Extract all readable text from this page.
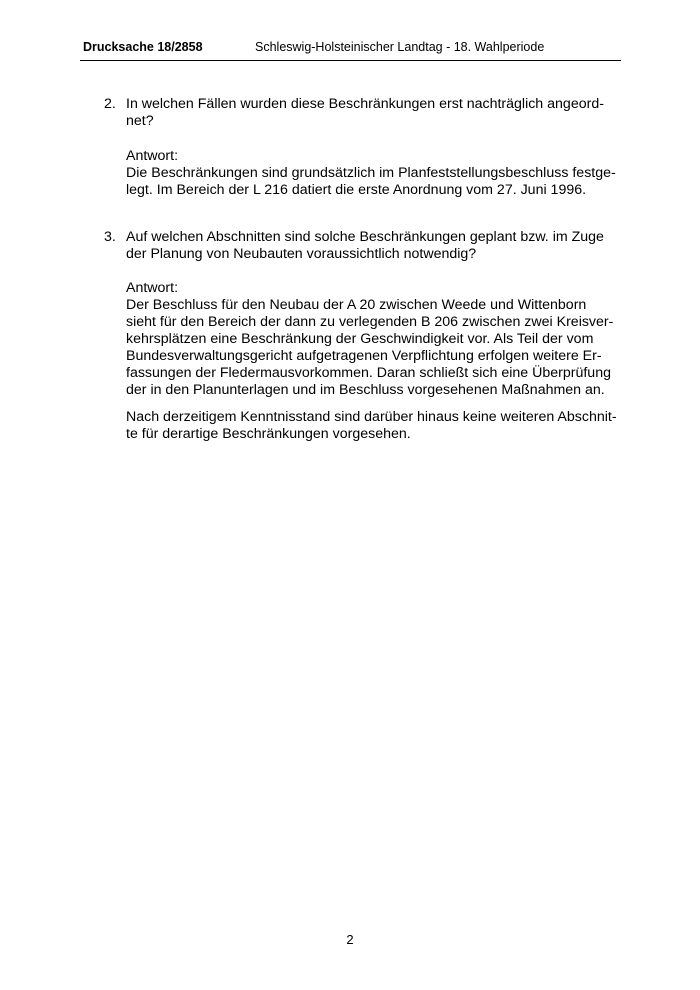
Drucksache 18/2858	Schleswig-Holsteinischer Landtag - 18. Wahlperiode
2. In welchen Fällen wurden diese Beschränkungen erst nachträglich angeord-
net?
Antwort:
Die Beschränkungen sind grundsätzlich im Planfeststellungsbeschluss festge-
legt. Im Bereich der L 216 datiert die erste Anordnung vom 27. Juni 1996.
3. Auf welchen Abschnitten sind solche Beschränkungen geplant bzw. im Zuge
der Planung von Neubauten voraussichtlich notwendig?
Antwort:
Der Beschluss für den Neubau der A 20 zwischen Weede und Wittenborn
sieht für den Bereich der dann zu verlegenden B 206 zwischen zwei Kreisver-
kehrsplätzen eine Beschränkung der Geschwindigkeit vor. Als Teil der vom
Bundesverwaltungsgericht aufgetragenen Verpflichtung erfolgen weitere Er-
fassungen der Fledermausvorkommen. Daran schließt sich eine Überprüfung
der in den Planunterlagen und im Beschluss vorgesehenen Maßnahmen an.
Nach derzeitigem Kenntnisstand sind darüber hinaus keine weiteren Abschnit-
te für derartige Beschränkungen vorgesehen.
2
